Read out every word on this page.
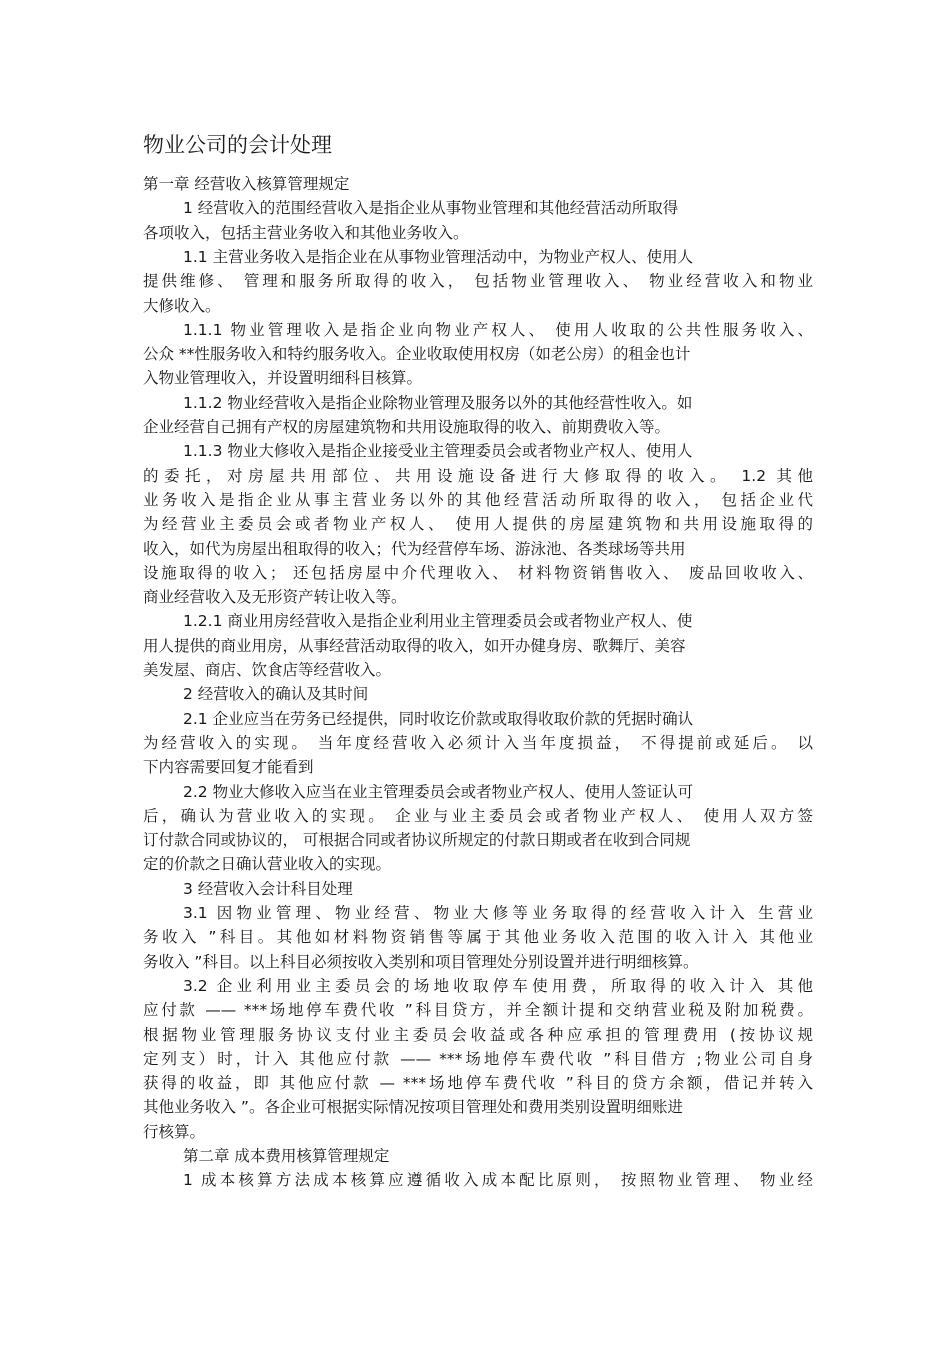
物业公司的会计处理
第一章 经营收入核算管理规定
1 经营收入的范围经营收入是指企业从事物业管理和其他经营活动所取得
各项收入，包括主营业务收入和其他业务收入。
1.1 主营业务收入是指企业在从事物业管理活动中，为物业产权人、使用人
提供维修、 管理和服务所取得的收入， 包括物业管理收入、 物业经营收入和物业
大修收入。
1.1.1 物业管理收入是指企业向物业产权人、 使用人收取的公共性服务收入、
公众 **性服务收入和特约服务收入。企业收取使用权房（如老公房）的租金也计
入物业管理收入，并设置明细科目核算。
1.1.2 物业经营收入是指企业除物业管理及服务以外的其他经营性收入。如
企业经营自己拥有产权的房屋建筑物和共用设施取得的收入、前期费收入等。
1.1.3 物业大修收入是指企业接受业主管理委员会或者物业产权人、使用人
的委托，对房屋共用部位、共用设施设备进行大修取得的收入。 1.2 其他
业务收入是指企业从事主营业务以外的其他经营活动所取得的收入， 包括企业代
为经营业主委员会或者物业产权人、 使用人提供的房屋建筑物和共用设施取得的
收入，如代为房屋出租取得的收入；代为经营停车场、游泳池、各类球场等共用
设施取得的收入； 还包括房屋中介代理收入、 材料物资销售收入、 废品回收收入、
商业经营收入及无形资产转让收入等。
1.2.1 商业用房经营收入是指企业利用业主管理委员会或者物业产权人、使
用人提供的商业用房，从事经营活动取得的收入，如开办健身房、歌舞厅、美容
美发屋、商店、饮食店等经营收入。
2 经营收入的确认及其时间
2.1 企业应当在劳务已经提供，同时收讫价款或取得收取价款的凭据时确认
为经营收入的实现。 当年度经营收入必须计入当年度损益， 不得提前或延后。 以
下内容需要回复才能看到
2.2 物业大修收入应当在业主管理委员会或者物业产权人、使用人签证认可
后，确认为营业收入的实现。 企业与业主委员会或者物业产权人、 使用人双方签
订付款合同或协议的， 可根据合同或者协议所规定的付款日期或者在收到合同规
定的价款之日确认营业收入的实现。
3 经营收入会计科目处理
3.1 因物业管理、物业经营、物业大修等业务取得的经营收入计入 生营业
务收入 ”科目。其他如材料物资销售等属于其他业务收入范围的收入计入 其他业
务收入 ”科目。以上科目必须按收入类别和项目管理处分别设置并进行明细核算。
3.2 企业利用业主委员会的场地收取停车使用费，所取得的收入计入 其他
应付款 —— ***场地停车费代收 ”科目贷方，并全额计提和交纳营业税及附加税费。
根据物业管理服务协议支付业主委员会收益或各种应承担的管理费用 (按协议规
定列支）时，计入 其他应付款 —— ***场地停车费代收 ”科目借方 ;物业公司自身
获得的收益，即 其他应付款 — ***场地停车费代收 ”科目的贷方余额，借记并转入
其他业务收入 ”。各企业可根据实际情况按项目管理处和费用类别设置明细账进
行核算。
第二章 成本费用核算管理规定
1 成本核算方法成本核算应遵循收入成本配比原则， 按照物业管理、 物业经
